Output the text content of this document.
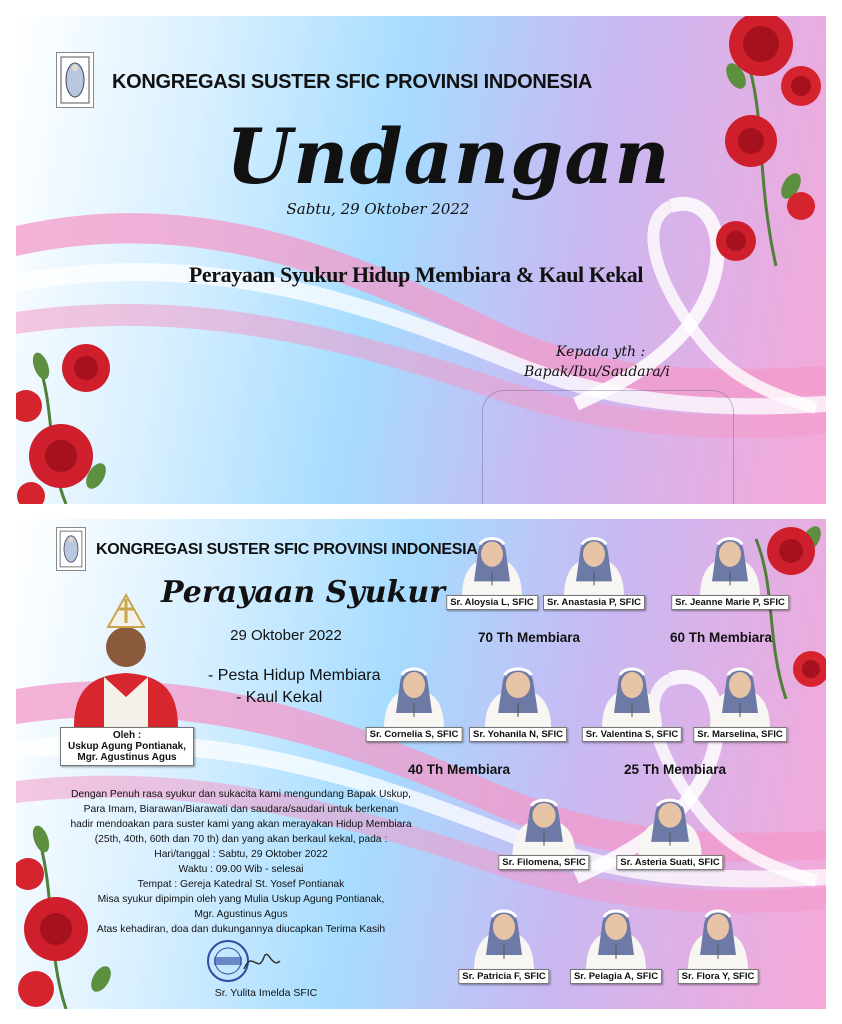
KONGREGASI SUSTER SFIC PROVINSI INDONESIA
Undangan
Sabtu, 29 Oktober 2022
Perayaan Syukur Hidup Membiara & Kaul Kekal
Kepada yth :
Bapak/Ibu/Saudara/i
KONGREGASI SUSTER SFIC PROVINSI INDONESIA
Perayaan Syukur
29 Oktober 2022
- Pesta Hidup Membiara
- Kaul Kekal
Oleh :
Uskup Agung Pontianak,
Mgr. Agustinus Agus

Dengan Penuh rasa syukur dan sukacita kami mengundang Bapak Uskup,

Para Imam, Biarawan/Biarawati dan saudara/saudari untuk berkenan

hadir mendoakan para suster kami yang akan merayakan Hidup Membiara

(25th, 40th, 60th dan 70 th) dan yang akan berkaul kekal, pada :

Hari/tanggal : Sabtu, 29 Oktober 2022

Waktu : 09.00 Wib - selesai

Tempat : Gereja Katedral St. Yosef Pontianak

Misa syukur dipimpin oleh yang Mulia Uskup Agung Pontianak,

Mgr. Agustinus Agus

Atas kehadiran, doa dan dukungannya diucapkan Terima Kasih

Sr. Yulita Imelda SFIC
70 Th Membiara	60 Th Membiara
40 Th Membiara	25 Th Membiara
Sr. Aloysia L, SFIC	Sr. Anastasia P, SFIC	Sr. Jeanne Marie P, SFIC
Sr. Cornelia S, SFIC	Sr. Yohanila N, SFIC	Sr. Valentina S, SFIC	Sr. Marselina, SFIC
Sr. Filomena, SFIC	Sr. Asteria Suati, SFIC
Sr. Patricia F, SFIC	Sr. Pelagia A, SFIC	Sr. Flora Y, SFIC
